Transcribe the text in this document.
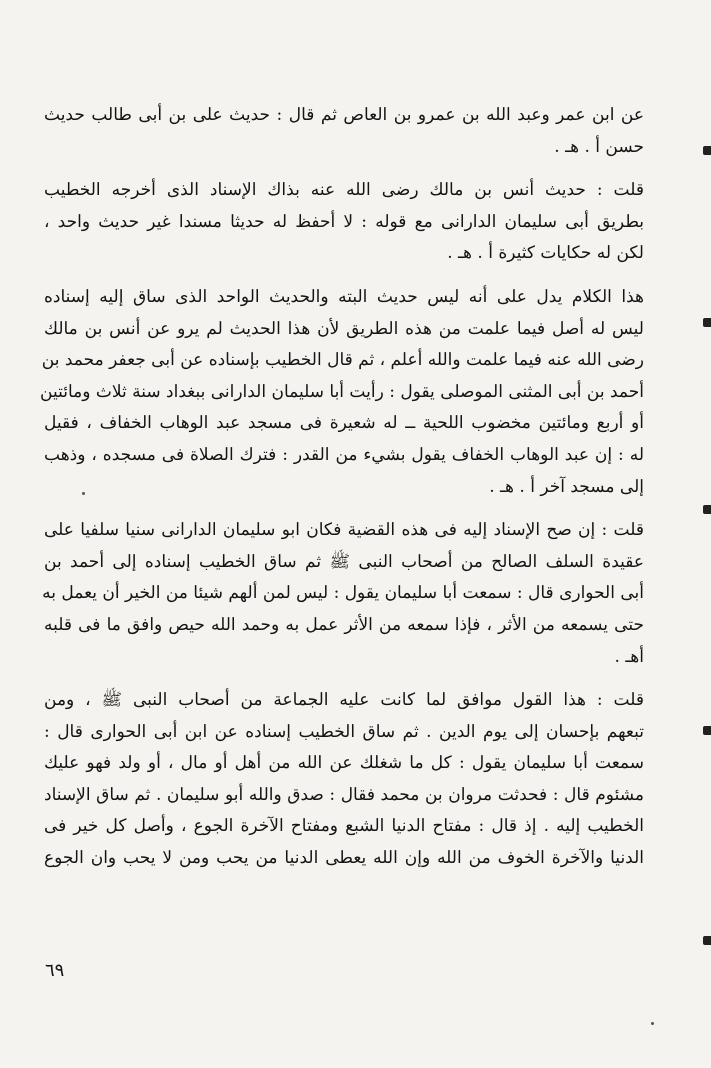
عن ابن عمر وعبد الله بن عمرو بن العاص ثم قال : حديث على بن أبى طالب حديث
حسن أ . هـ .
قلت : حديث أنس بن مالك رضى الله عنه بذاك الإسناد الذى أخرجه الخطيب
بطريق أبى سليمان الدارانى مع قوله : لا أحفظ له حديثا مسندا غير حديث واحد ،
لكن له حكايات كثيرة أ . هـ .
هذا الكلام يدل على أنه ليس حديث البته والحديث الواحد الذى ساق إليه إسناده
ليس له أصل فيما علمت من هذه الطريق لأن هذا الحديث لم يرو عن أنس بن مالك
رضى الله عنه فيما علمت والله أعلم ، ثم قال الخطيب بإسناده عن أبى جعفر محمد بن
أحمد بن أبى المثنى الموصلى يقول : رأيت أبا سليمان الدارانى ببغداد سنة ثلاث ومائتين
أو أربع ومائتين مخضوب اللحية ــ له شعيرة فى مسجد عبد الوهاب الخفاف ، فقيل
له : إن عبد الوهاب الخفاف يقول بشيء من القدر : فترك الصلاة فى مسجده ، وذهب
إلى مسجد آخر أ . هـ .
قلت : إن صح الإسناد إليه فى هذه القضية فكان ابو سليمان الدارانى سنيا سلفيا على
عقيدة السلف الصالح من أصحاب النبى ﷺ ثم ساق الخطيب إسناده إلى أحمد بن
أبى الحوارى قال : سمعت أبا سليمان يقول : ليس لمن ألهم شيئا من الخير أن يعمل به
حتى يسمعه من الأثر ، فإذا سمعه من الأثر عمل به وحمد الله حيص وافق ما فى قلبه
أهـ .
قلت : هذا القول موافق لما كانت عليه الجماعة من أصحاب النبى ﷺ ، ومن
تبعهم بإحسان إلى يوم الدين . ثم ساق الخطيب إسناده عن ابن أبى الحوارى قال :
سمعت أبا سليمان يقول : كل ما شغلك عن الله من أهل أو مال ، أو ولد فهو عليك
مشئوم قال : فحدثت مروان بن محمد فقال : صدق والله أبو سليمان . ثم ساق الإسناد
الخطيب إليه . إذ قال : مفتاح الدنيا الشبع ومفتاح الآخرة الجوع ، وأصل كل خير فى
الدنيا والآخرة الخوف من الله وإن الله يعطى الدنيا من يحب ومن لا يحب وان الجوع
٦٩
